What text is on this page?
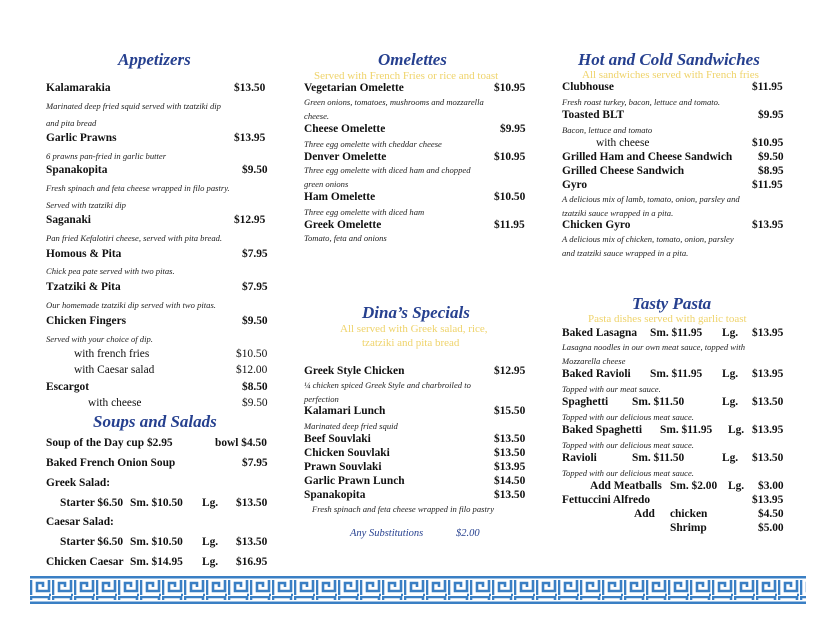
Appetizers
Kalamarakia	$13.50
Marinated deep fried squid served with tzatziki dip
and pita bread
Garlic Prawns	$13.95
6 prawns pan-fried in garlic butter
Spanakopita	$9.50
Fresh spinach and feta cheese wrapped in filo pastry.
Served with tzatziki dip
Saganaki	$12.95
Pan fried Kefalotiri cheese, served with pita bread.
Homous & Pita	$7.95
Chick pea pate served with two pitas.
Tzatziki & Pita	$7.95
Our homemade tzatziki dip served with two pitas.
Chicken Fingers	$9.50
Served with your choice of dip.
with french fries	$10.50
with Caesar salad	$12.00
Escargot	$8.50
with cheese	$9.50
Soups and Salads
Soup of the Day cup $2.95	bowl $4.50
Baked French Onion Soup	$7.95
Greek Salad:
Starter $6.50 Sm. $10.50 Lg. $13.50
Caesar Salad:
Starter $6.50 Sm. $10.50 Lg. $13.50
Chicken Caesar Sm. $14.95 Lg. $16.95
Omelettes
Served with French Fries or rice and toast
Vegetarian Omelette	$10.95
Green onions, tomatoes, mushrooms and mozzarella
cheese.
Cheese Omelette	$9.95
Three egg omelette with cheddar cheese
Denver Omelette	$10.95
Three egg omelette with diced ham and chopped
green onions
Ham Omelette	$10.50
Three egg omelette with diced ham
Greek Omelette	$11.95
Tomato, feta and onions
Dina’s Specials
All served with Greek salad, rice,
tzatziki and pita bread
Greek Style Chicken	$12.95
¼ chicken spiced Greek Style and charbroiled to
perfection
Kalamari Lunch	$15.50
Marinated deep fried squid
Beef Souvlaki	$13.50
Chicken Souvlaki	$13.50
Prawn Souvlaki	$13.95
Garlic Prawn Lunch	$14.50
Spanakopita	$13.50
Fresh spinach and feta cheese wrapped in filo pastry
Any Substitutions	$2.00
Hot and Cold Sandwiches
All sandwiches served with French fries
Clubhouse	$11.95
Fresh roast turkey, bacon, lettuce and tomato.
Toasted BLT	$9.95
Bacon, lettuce and tomato
with cheese	$10.95
Grilled Ham and Cheese Sandwich $9.50
Grilled Cheese Sandwich	$8.95
Gyro	$11.95
A delicious mix of lamb, tomato, onion, parsley and
tzatziki sauce wrapped in a pita.
Chicken Gyro	$13.95
A delicious mix of chicken, tomato, onion, parsley
and tzatziki sauce wrapped in a pita.
Tasty Pasta
Pasta dishes served with garlic toast
Baked Lasagna Sm. $11.95 Lg. $13.95
Lasagna noodles in our own meat sauce, topped with
Mozzarella cheese
Baked Ravioli Sm. $11.95 Lg. $13.95
Topped with our meat sauce.
Spaghetti Sm. $11.50	Lg. $13.50
Topped with our delicious meat sauce.
Baked Spaghetti Sm. $11.95 Lg. $13.95
Topped with our delicious meat sauce.
Ravioli	Sm. $11.50	Lg. $13.50
Topped with our delicious meat sauce.
Add Meatballs Sm. $2.00 Lg. $3.00
Fettuccini Alfredo	$13.95
Add chicken	$4.50
Shrimp	$5.00
